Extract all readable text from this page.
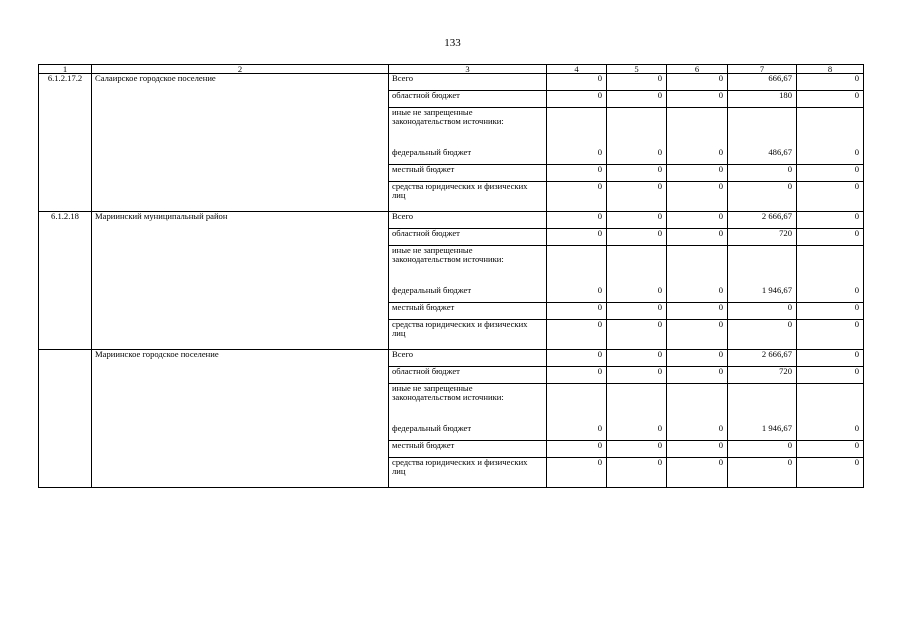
133
1	2	3	4	5	6	7	8
6.1.2.17.2	Салаирское городское поселение	Всего	0	0	0	666,67	0
		областной бюджет	0	0	0	180	0
		иные не запрещенные законодательством источники:					
		федеральный бюджет	0	0	0	486,67	0
		местный бюджет	0	0	0	0	0
		средства юридических и физических лиц	0	0	0	0	0
6.1.2.18	Мариинский муниципальный район	Всего	0	0	0	2 666,67	0
		областной бюджет	0	0	0	720	0
		иные не запрещенные законодательством источники:					
		федеральный бюджет	0	0	0	1 946,67	0
		местный бюджет	0	0	0	0	0
		средства юридических и физических лиц	0	0	0	0	0
	Мариинское городское поселение	Всего	0	0	0	2 666,67	0
		областной бюджет	0	0	0	720	0
		иные не запрещенные законодательством источники:					
		федеральный бюджет	0	0	0	1 946,67	0
		местный бюджет	0	0	0	0	0
		средства юридических и физических лиц	0	0	0	0	0
